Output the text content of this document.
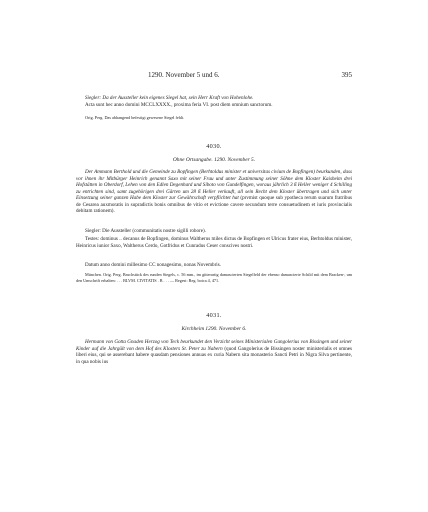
1290. November 5 und 6.	395

Siegler: Da der Aussteller kein eigenes Siegel hat, sein Herr Kraft von Hohenlohe.

Acta sunt hec anno domini MCCLXXXX., proxima feria VI. post diem omnium sanctorum.

Orig. Perg. Das abhangend befestigt gewesene Siegel fehlt.

4030.

Ohne Ortsangabe. 1290. November 5.

Der Ammann Berthold und die Gemeinde zu Bopfingen (Berhtoldus minister et universitas civium de Bopfingen) beurkunden, dass vor ihnen ihr Mitbürger Heinrich genannt Saxo mit seiner Frau und unter Zustimmung seiner Söhne dem Kloster Kaisheim drei Hofstätten in Oberdorf, Lehen von den Edlen Degenhard und Siboto von Gundelfingen, woraus jährlich 3 ß Heller weniger 4 Schilling zu entrichten sind, samt zugehörigen drei Gärten um 28 ß Heller verkauft, all sein Recht dem Kloster übertragen und sich unter Einsetzung seiner ganzen Habe dem Kloster zur Gewährschaft verpflichtet hat (prvmist quoque sub ypotheca rerum suarum fratribus de Cesarea auxmoratis in supradictis bonis omnibus de vitio et evictione cavere secundum terre consuetudinem et iuris provincialis debitam rationem).

Siegler: Die Aussteller (communitatis nostre sigilli robore).

Testes: dominus .. decanus de Bopfingen, dominus Waltherus miles dictus de Bopfingen et Ulricus frater eius, Berhtoldus minister, Heinricus iunior Saxo, Waltherus Cerdo, Gotfridus et Cunradus Ceser conscives nostri.

Datum anno domini millesimo CC nonagesimo, nonas Novembris.

München. Orig. Perg. Bruchstück des runden Siegels, c. 56 mm., im gitterartig damascierten Siegelfeld der ebenso damascierte Schild mit dem Bracken-, um den Umschrift erhalten: . . . BLVM. CIVITATIS . B . . . — Regest: Reg. boica 4, 471.

4031.

Kirchheim 1290. November 6.

Hermann von Gotta Gnaden Herzog von Teck beurkundet den Verzicht seines Ministerialen Gangolerius von Bissingen und seiner Kinder auf die Jahrgült von dem Hof des Klosters St. Peter zu Nabern (quod Gangolerius de Bissingen noster ministerialis et omnes liberi eius, qui se asserebant habere quasdam pensiones annuas ex curia Nabern sita monasterio Sancti Petri in Nigra Silva pertinente, in qua nobis ius
